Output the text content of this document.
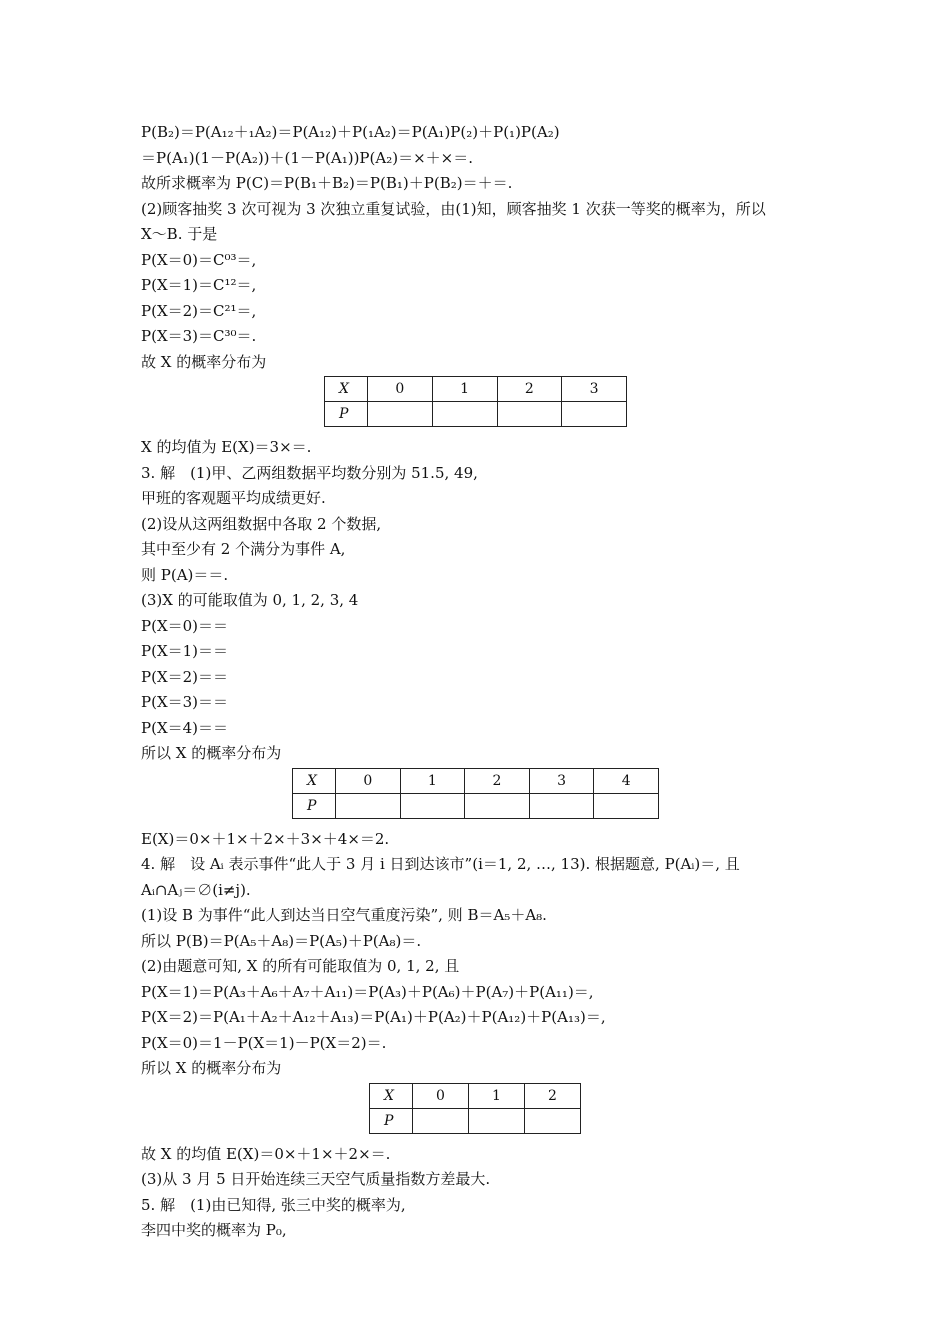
P(B₂)＝P(A₁₂＋₁A₂)＝P(A₁₂)＋P(₁A₂)＝P(A₁)P(₂)＋P(₁)P(A₂)
＝P(A₁)(1－P(A₂))＋(1－P(A₁))P(A₂)＝×＋×＝.
故所求概率为 P(C)＝P(B₁＋B₂)＝P(B₁)＋P(B₂)＝＋＝.
(2)顾客抽奖 3 次可视为 3 次独立重复试验，由(1)知，顾客抽奖 1 次获一等奖的概率为，所以
X～B. 于是
P(X＝0)＝C⁰³＝,
P(X＝1)＝C¹²＝,
P(X＝2)＝C²¹＝,
P(X＝3)＝C³⁰＝.
故 X 的概率分布为
X	0	1	2	3
P				
X 的均值为 E(X)＝3×＝.
3. 解　(1)甲、乙两组数据平均数分别为 51.5, 49,
甲班的客观题平均成绩更好.
(2)设从这两组数据中各取 2 个数据,
其中至少有 2 个满分为事件 A,
则 P(A)＝＝.
(3)X 的可能取值为 0, 1, 2, 3, 4
P(X＝0)＝＝
P(X＝1)＝＝
P(X＝2)＝＝
P(X＝3)＝＝
P(X＝4)＝＝
所以 X 的概率分布为
X	0	1	2	3	4
P					
E(X)＝0×＋1×＋2×＋3×＋4×＝2.
4. 解　设 Aᵢ 表示事件“此人于 3 月 i 日到达该市”(i＝1, 2, …, 13). 根据题意, P(Aᵢ)＝, 且
Aᵢ∩Aⱼ＝∅(i≠j).
(1)设 B 为事件“此人到达当日空气重度污染”, 则 B＝A₅＋A₈.
所以 P(B)＝P(A₅＋A₈)＝P(A₅)＋P(A₈)＝.
(2)由题意可知, X 的所有可能取值为 0, 1, 2, 且
P(X＝1)＝P(A₃＋A₆＋A₇＋A₁₁)＝P(A₃)＋P(A₆)＋P(A₇)＋P(A₁₁)＝,
P(X＝2)＝P(A₁＋A₂＋A₁₂＋A₁₃)＝P(A₁)＋P(A₂)＋P(A₁₂)＋P(A₁₃)＝,
P(X＝0)＝1－P(X＝1)－P(X＝2)＝.
所以 X 的概率分布为
X	0	1	2
P			
故 X 的均值 E(X)＝0×＋1×＋2×＝.
(3)从 3 月 5 日开始连续三天空气质量指数方差最大.
5. 解　(1)由已知得, 张三中奖的概率为,
李四中奖的概率为 P₀,
